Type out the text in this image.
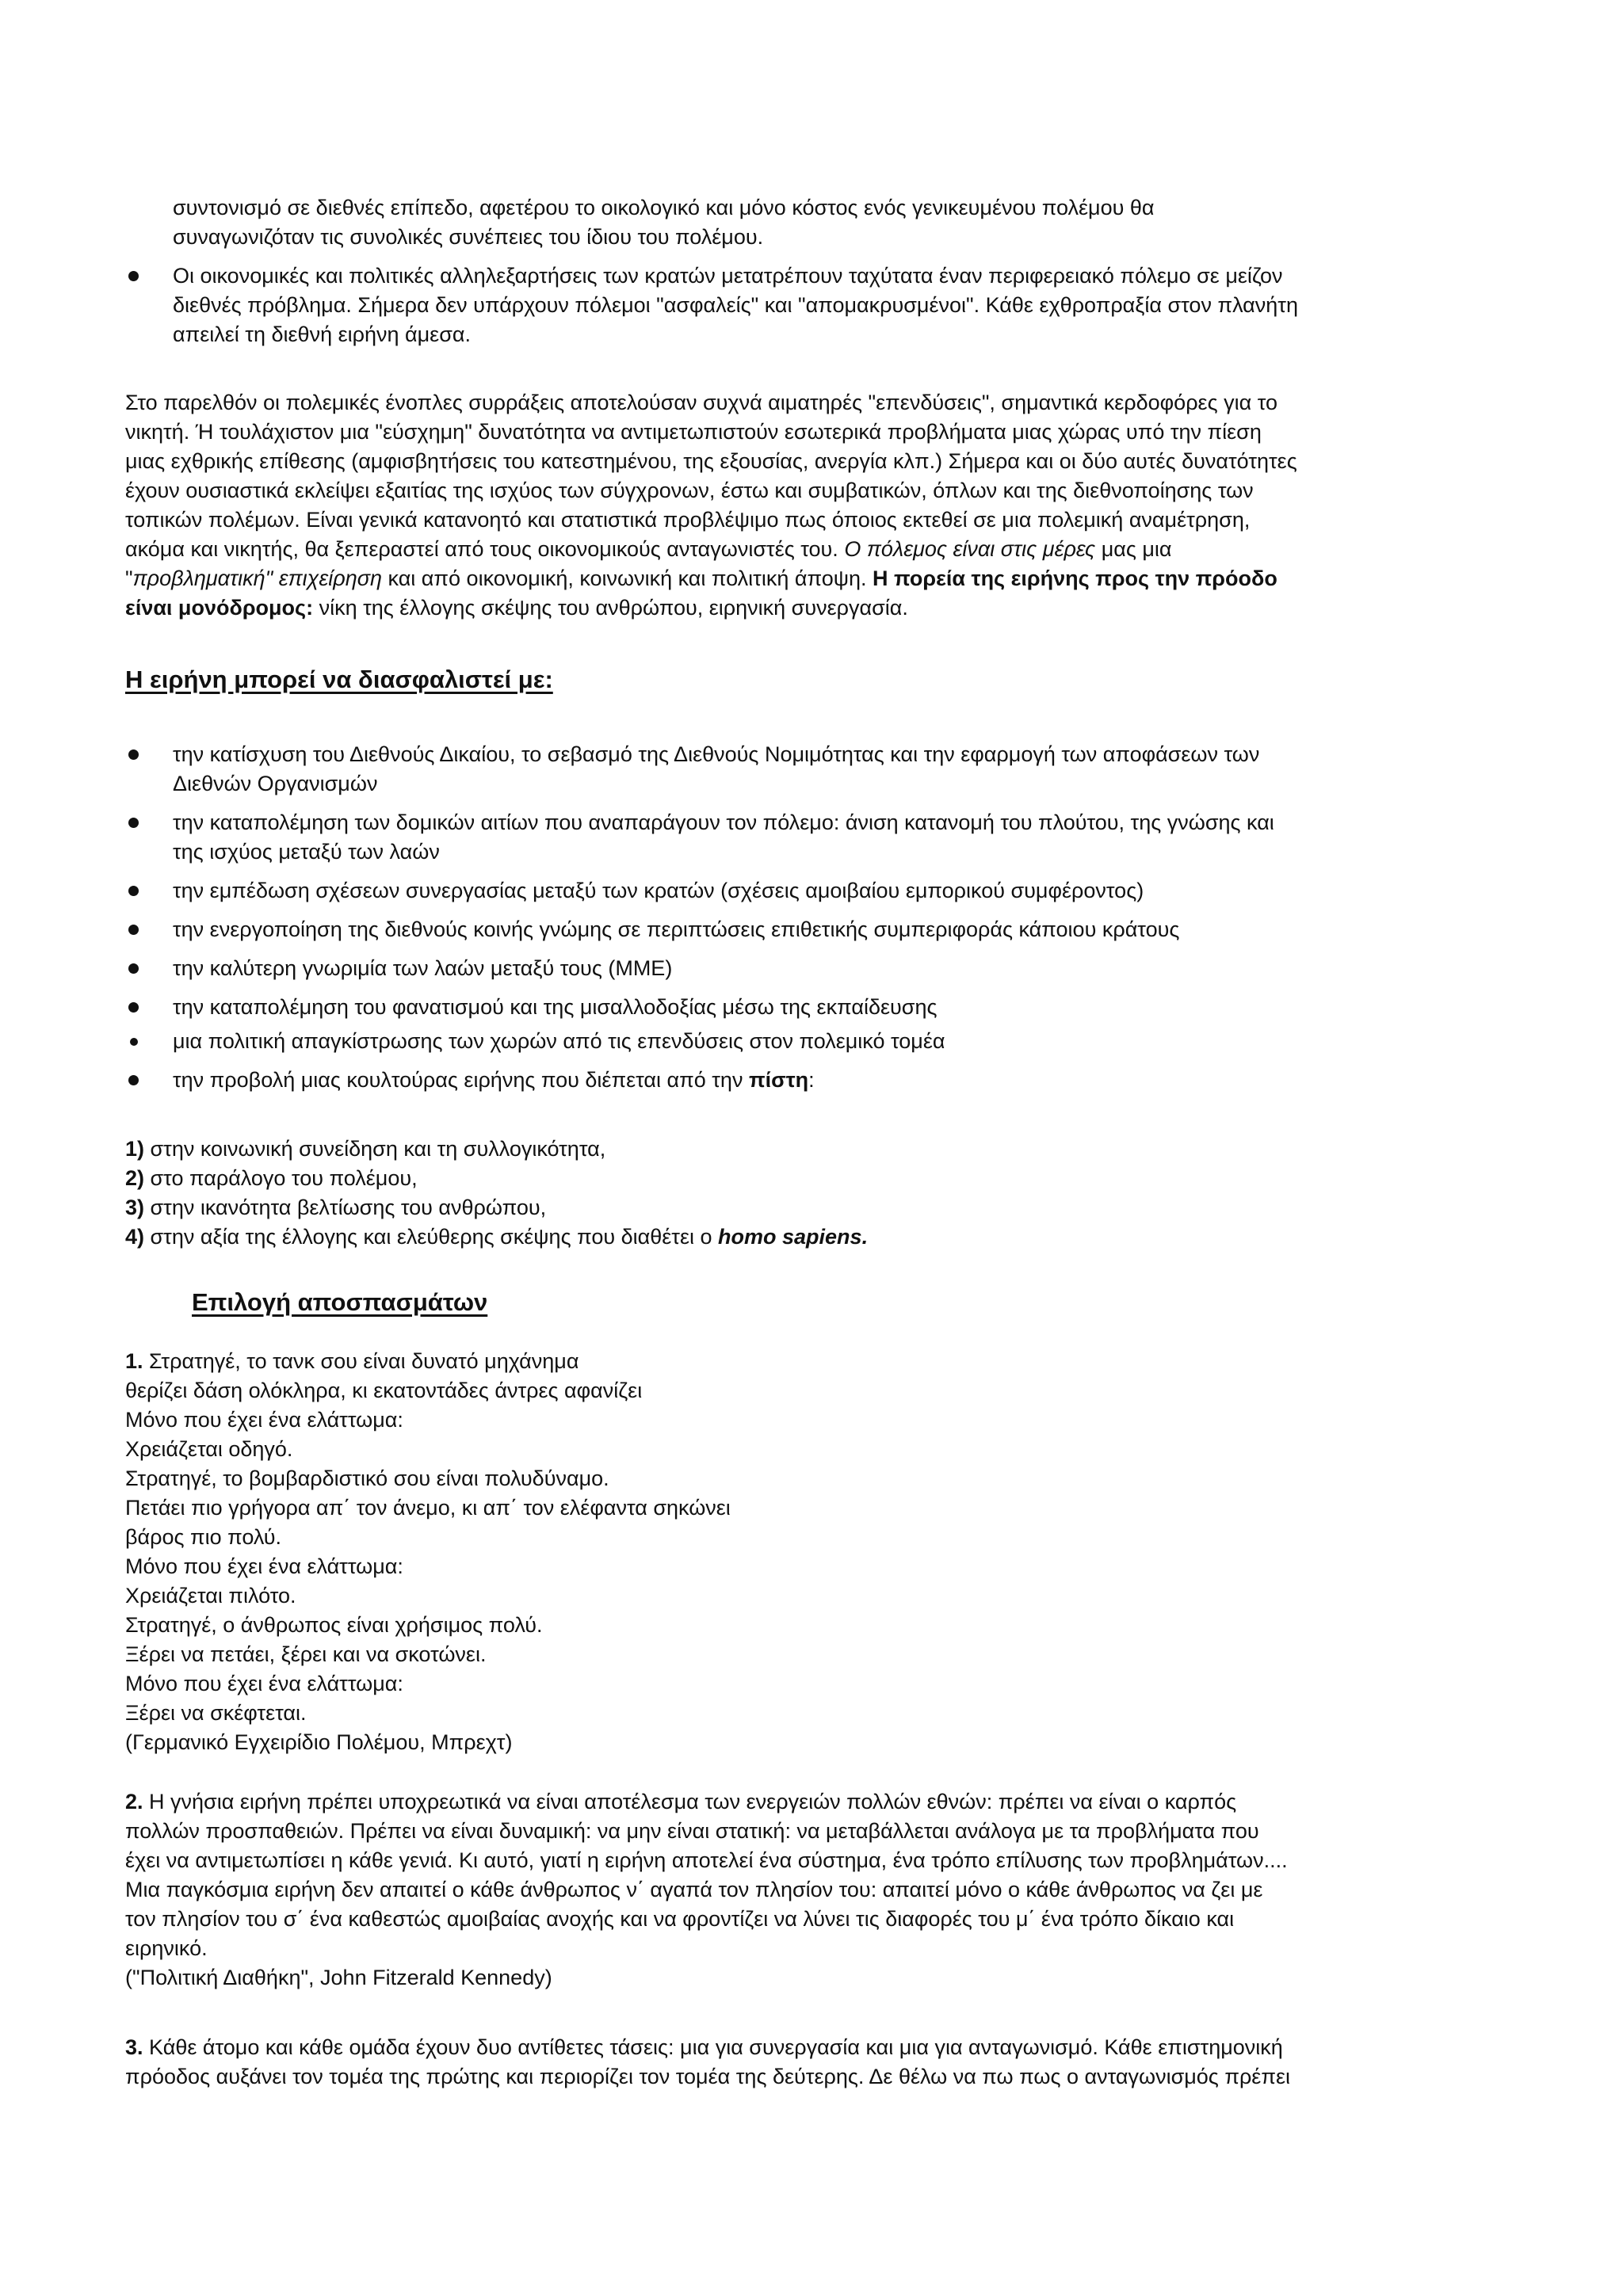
συντονισμό σε διεθνές επίπεδο, αφετέρου το οικολογικό και μόνο κόστος ενός γενικευμένου πολέμου θα
συναγωνιζόταν τις συνολικές συνέπειες του ίδιου του πολέμου.
Οι οικονομικές και πολιτικές αλληλεξαρτήσεις των κρατών μετατρέπουν ταχύτατα έναν περιφερειακό πόλεμο σε μείζον
διεθνές πρόβλημα. Σήμερα δεν υπάρχουν πόλεμοι "ασφαλείς" και "απομακρυσμένοι". Κάθε εχθροπραξία στον πλανήτη
απειλεί τη διεθνή ειρήνη άμεσα.
Στο παρελθόν οι πολεμικές ένοπλες συρράξεις αποτελούσαν συχνά αιματηρές "επενδύσεις", σημαντικά κερδοφόρες για το
νικητή. Ή τουλάχιστον μια "εύσχημη" δυνατότητα να αντιμετωπιστούν εσωτερικά προβλήματα μιας χώρας υπό την πίεση
μιας εχθρικής επίθεσης (αμφισβητήσεις του κατεστημένου, της εξουσίας, ανεργία κλπ.) Σήμερα και οι δύο αυτές δυνατότητες
έχουν ουσιαστικά εκλείψει εξαιτίας της ισχύος των σύγχρονων, έστω και συμβατικών, όπλων και της διεθνοποίησης των
τοπικών πολέμων. Είναι γενικά κατανοητό και στατιστικά προβλέψιμο πως όποιος εκτεθεί σε μια πολεμική αναμέτρηση,
ακόμα και νικητής, θα ξεπεραστεί από τους οικονομικούς ανταγωνιστές του. Ο πόλεμος είναι στις μέρες μας μια
"προβληματική" επιχείρηση και από οικονομική, κοινωνική και πολιτική άποψη. Η πορεία της ειρήνης προς την πρόοδο
είναι μονόδρομος: νίκη της έλλογης σκέψης του ανθρώπου, ειρηνική συνεργασία.
Η ειρήνη μπορεί να διασφαλιστεί με:
την κατίσχυση του Διεθνούς Δικαίου, το σεβασμό της Διεθνούς Νομιμότητας και την εφαρμογή των αποφάσεων των
Διεθνών Οργανισμών
την καταπολέμηση των δομικών αιτίων που αναπαράγουν τον πόλεμο: άνιση κατανομή του πλούτου, της γνώσης και
της ισχύος μεταξύ των λαών
την εμπέδωση σχέσεων συνεργασίας μεταξύ των κρατών (σχέσεις αμοιβαίου εμπορικού συμφέροντος)
την ενεργοποίηση της διεθνούς κοινής γνώμης σε περιπτώσεις επιθετικής συμπεριφοράς κάποιου κράτους
την καλύτερη γνωριμία των λαών μεταξύ τους (ΜΜΕ)
την καταπολέμηση του φανατισμού και της μισαλλοδοξίας μέσω της εκπαίδευσης
μια πολιτική απαγκίστρωσης των χωρών από τις επενδύσεις στον πολεμικό τομέα
την προβολή μιας κουλτούρας ειρήνης που διέπεται από την πίστη:
1) στην κοινωνική συνείδηση και τη συλλογικότητα,
2) στο παράλογο του πολέμου,
3) στην ικανότητα βελτίωσης του ανθρώπου,
4) στην αξία της έλλογης και ελεύθερης σκέψης που διαθέτει ο homo sapiens.
Επιλογή αποσπασμάτων
1. Στρατηγέ, το τανκ σου είναι δυνατό μηχάνημα
θερίζει δάση ολόκληρα, κι εκατοντάδες άντρες αφανίζει
Μόνο που έχει ένα ελάττωμα:
Χρειάζεται οδηγό.
Στρατηγέ, το βομβαρδιστικό σου είναι πολυδύναμο.
Πετάει πιο γρήγορα απ΄ τον άνεμο, κι απ΄ τον ελέφαντα σηκώνει
βάρος πιο πολύ.
Μόνο που έχει ένα ελάττωμα:
Χρειάζεται πιλότο.
Στρατηγέ, ο άνθρωπος είναι χρήσιμος πολύ.
Ξέρει να πετάει, ξέρει και να σκοτώνει.
Μόνο που έχει ένα ελάττωμα:
Ξέρει να σκέφτεται.
(Γερμανικό Εγχειρίδιο Πολέμου, Μπρεχτ)
2. Η γνήσια ειρήνη πρέπει υποχρεωτικά να είναι αποτέλεσμα των ενεργειών πολλών εθνών: πρέπει να είναι ο καρπός
πολλών προσπαθειών. Πρέπει να είναι δυναμική: να μην είναι στατική: να μεταβάλλεται ανάλογα με τα προβλήματα που
έχει να αντιμετωπίσει η κάθε γενιά. Κι αυτό, γιατί η ειρήνη αποτελεί ένα σύστημα, ένα τρόπο επίλυσης των προβλημάτων....
Μια παγκόσμια ειρήνη δεν απαιτεί ο κάθε άνθρωπος ν΄ αγαπά τον πλησίον του: απαιτεί μόνο ο κάθε άνθρωπος να ζει με
τον πλησίον του σ΄ ένα καθεστώς αμοιβαίας ανοχής και να φροντίζει να λύνει τις διαφορές του μ΄ ένα τρόπο δίκαιο και
ειρηνικό.
("Πολιτική Διαθήκη", John Fitzerald Kennedy)
3. Κάθε άτομο και κάθε ομάδα έχουν δυο αντίθετες τάσεις: μια για συνεργασία και μια για ανταγωνισμό. Κάθε επιστημονική
πρόοδος αυξάνει τον τομέα της πρώτης και περιορίζει τον τομέα της δεύτερης. Δε θέλω να πω πως ο ανταγωνισμός πρέπει
